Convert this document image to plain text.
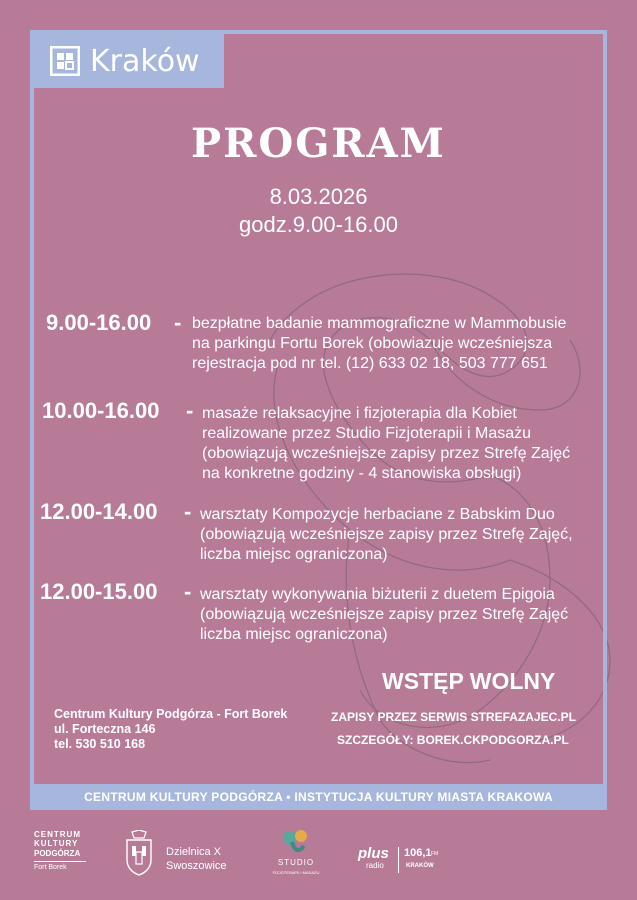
Kraków
PROGRAM
8.03.2026
godz.9.00-16.00
9.00-16.00 - bezpłatne badanie mammograficzne w Mammobusie
na parkingu Fortu Borek (obowiazuje wcześniejsza
rejestracja pod nr tel. (12) 633 02 18, 503 777 651
10.00-16.00 - masaże relaksacyjne i fizjoterapia dla Kobiet
realizowane przez Studio Fizjoterapii i Masażu
(obowiązują wcześniejsze zapisy przez Strefę Zajęć
na konkretne godziny - 4 stanowiska obsługi)
12.00-14.00 - warsztaty Kompozycje herbaciane z Babskim Duo
(obowiązują wcześniejsze zapisy przez Strefę Zajęć,
liczba miejsc ograniczona)
12.00-15.00 - warsztaty wykonywania biżuterii z duetem Epigoia
(obowiązują wcześniejsze zapisy przez Strefę Zajęć
liczba miejsc ograniczona)
WSTĘP WOLNY
Centrum Kultury Podgórza - Fort Borek
ul. Forteczna 146
tel. 530 510 168
ZAPISY PRZEZ SERWIS STREFAZAJEC.PL
SZCZEGÓŁY: BOREK.CKPODGORZA.PL
CENTRUM KULTURY PODGÓRZA • INSTYTUCJA KULTURY MIASTA KRAKOWA
CENTRUM
KULTURY
PODGÓRZA
Fort Borek
Dzielnica X
Swoszowice	STUDIO
FIZJOTERAPII I MASAŻU
plus
radio
106,1 FM
KRAKÓW
